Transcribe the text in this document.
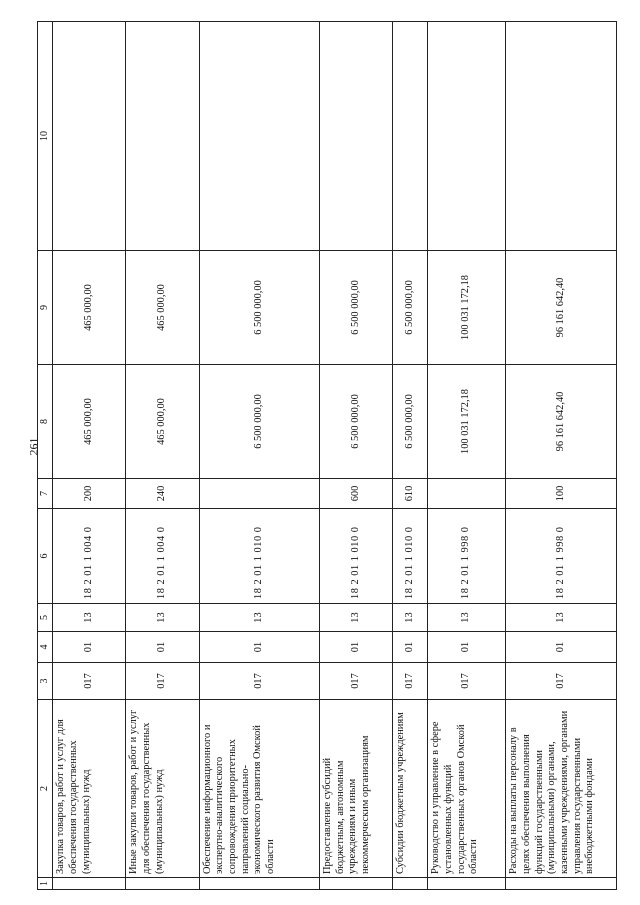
261
1	2	3	4	5	6	7	8	9	10
	Закупка товаров, работ и услуг для обеспечения государственных (муниципальных) нужд	017	01	13	18 2 01 1 004 0	200	465 000,00	465 000,00	
	Иные закупки товаров, работ и услуг для обеспечения государственных (муниципальных) нужд	017	01	13	18 2 01 1 004 0	240	465 000,00	465 000,00	
	Обеспечение информационного и экспертно-аналитического сопровождения приоритетных направлений социально-экономического развития Омской области	017	01	13	18 2 01 1 010 0		6 500 000,00	6 500 000,00	
	Предоставление субсидий бюджетным, автономным учреждениям и иным некоммерческим организациям	017	01	13	18 2 01 1 010 0	600	6 500 000,00	6 500 000,00	
	Субсидии бюджетным учреждениям	017	01	13	18 2 01 1 010 0	610	6 500 000,00	6 500 000,00	
	Руководство и управление в сфере установленных функций государственных органов Омской области	017	01	13	18 2 01 1 998 0		100 031 172,18	100 031 172,18	
	Расходы на выплаты персоналу в целях обеспечения выполнения функций государственными (муниципальными) органами, казенными учреждениями, органами управления государственными внебюджетными фондами	017	01	13	18 2 01 1 998 0	100	96 161 642,40	96 161 642,40	
